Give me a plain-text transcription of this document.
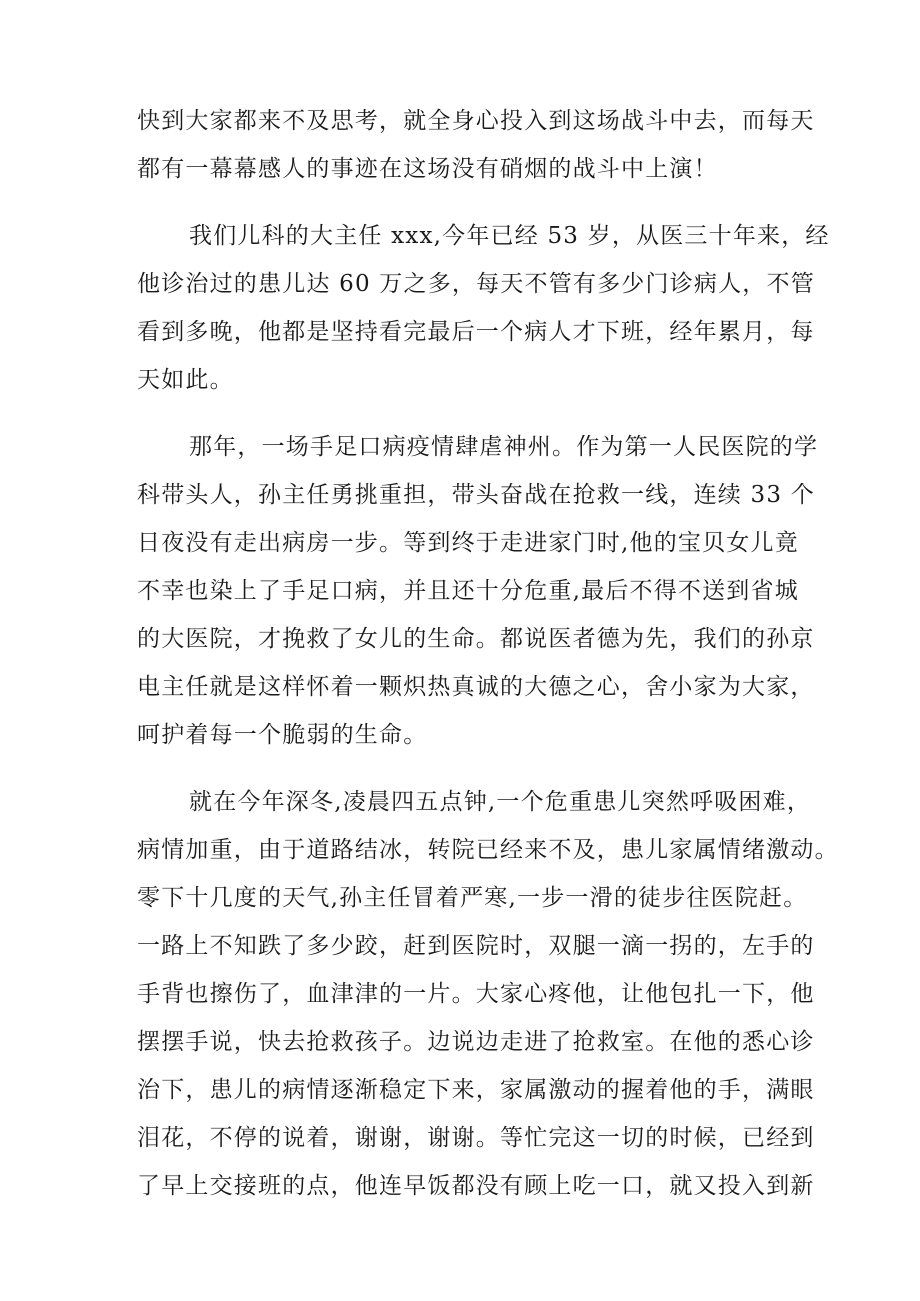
快到大家都来不及思考，就全身心投入到这场战斗中去，而每天
都有一幕幕感人的事迹在这场没有硝烟的战斗中上演！

我们儿科的大主任 xxx,今年已经 53 岁，从医三十年来，经
他诊治过的患儿达 60 万之多，每天不管有多少门诊病人，不管
看到多晚，他都是坚持看完最后一个病人才下班，经年累月，每
天如此。

那年，一场手足口病疫情肆虐神州。作为第一人民医院的学
科带头人，孙主任勇挑重担，带头奋战在抢救一线，连续 33 个
日夜没有走出病房一步。等到终于走进家门时,他的宝贝女儿竟
不幸也染上了手足口病，并且还十分危重,最后不得不送到省城
的大医院，才挽救了女儿的生命。都说医者德为先，我们的孙京
电主任就是这样怀着一颗炽热真诚的大德之心，舍小家为大家，
呵护着每一个脆弱的生命。

就在今年深冬,凌晨四五点钟,一个危重患儿突然呼吸困难，
病情加重，由于道路结冰，转院已经来不及，患儿家属情绪激动。
零下十几度的天气,孙主任冒着严寒,一步一滑的徒步往医院赶。
一路上不知跌了多少跤，赶到医院时，双腿一滴一拐的，左手的
手背也擦伤了，血津津的一片。大家心疼他，让他包扎一下，他
摆摆手说，快去抢救孩子。边说边走进了抢救室。在他的悉心诊
治下，患儿的病情逐渐稳定下来，家属激动的握着他的手，满眼
泪花，不停的说着，谢谢，谢谢。等忙完这一切的时候，已经到
了早上交接班的点，他连早饭都没有顾上吃一口，就又投入到新
